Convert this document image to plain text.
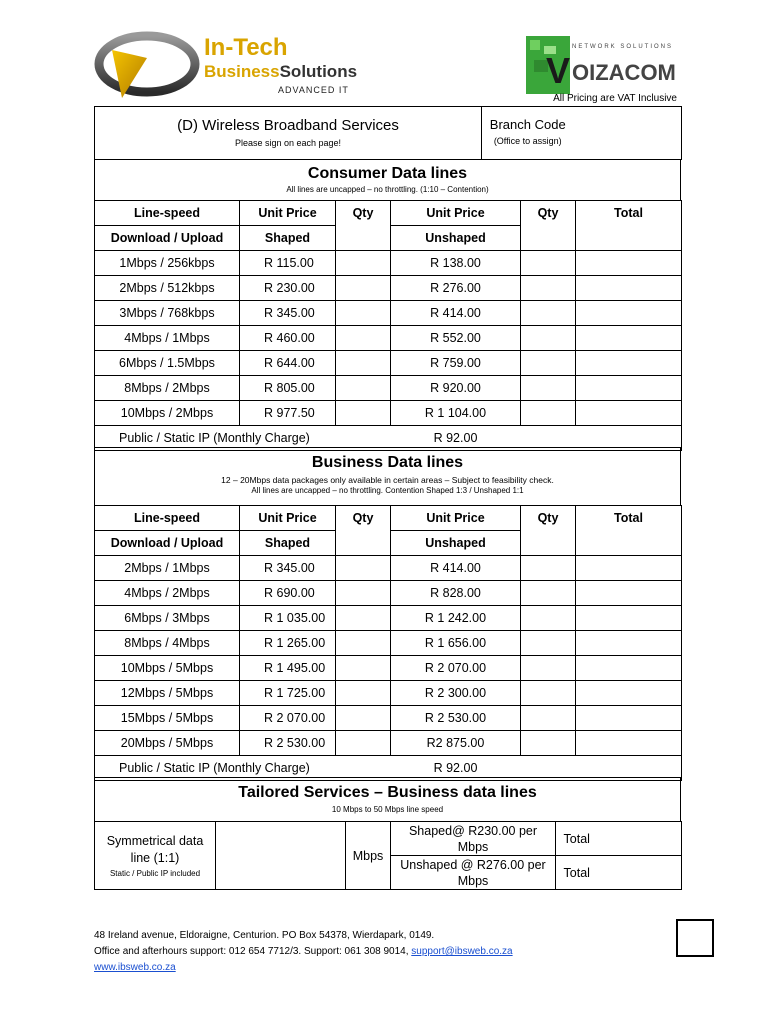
In-Tech
BusinessSolutions
ADVANCED IT
NETWORK SOLUTIONS
V OIZACOM
All Pricing are VAT Inclusive
(D) Wireless Broadband Services
Please sign on each page!

Branch Code
(Office to assign)

Consumer Data lines
All lines are uncapped – no throttling. (1:10 – Contention)
Line-speed	Unit Price	Qty	Unit Price	Qty	Total
Download / Upload	Shaped		Unshaped		
1Mbps / 256kbps	R 115.00		R 138.00		
2Mbps / 512kbps	R 230.00		R 276.00		
3Mbps / 768kbps	R 345.00		R 414.00		
4Mbps / 1Mbps	R 460.00		R 552.00		
6Mbps / 1.5Mbps	R 644.00		R 759.00		
8Mbps / 2Mbps	R 805.00		R 920.00		
10Mbps / 2Mbps	R 977.50		R 1 104.00		
Public / Static IP (Monthly Charge)			R 92.00		
Business Data lines
12 – 20Mbps data packages only available in certain areas – Subject to feasibility check.
All lines are uncapped – no throttling. Contention Shaped 1:3 / Unshaped 1:1
Line-speed	Unit Price	Qty	Unit Price	Qty	Total
Download / Upload	Shaped		Unshaped		
2Mbps / 1Mbps	R 345.00		R 414.00		
4Mbps / 2Mbps	R 690.00		R 828.00		
6Mbps / 3Mbps	R 1 035.00		R 1 242.00		
8Mbps / 4Mbps	R 1 265.00		R 1 656.00		
10Mbps / 5Mbps	R 1 495.00		R 2 070.00		
12Mbps / 5Mbps	R 1 725.00		R 2 300.00		
15Mbps / 5Mbps	R 2 070.00		R 2 530.00		
20Mbps / 5Mbps	R 2 530.00		R2 875.00		
Public / Static IP (Monthly Charge)			R 92.00		
Tailored Services – Business data lines
10 Mbps to 50 Mbps line speed
Symmetrical data line (1:1)
Static / Public IP included		Mbps	Shaped@ R230.00 per Mbps	Total	
			Unshaped @ R276.00 per Mbps	Total	
48 Ireland avenue, Eldoraigne, Centurion. PO Box 54378, Wierdapark, 0149.
Office and afterhours support: 012 654 7712/3. Support: 061 308 9014, support@ibsweb.co.za
www.ibsweb.co.za
